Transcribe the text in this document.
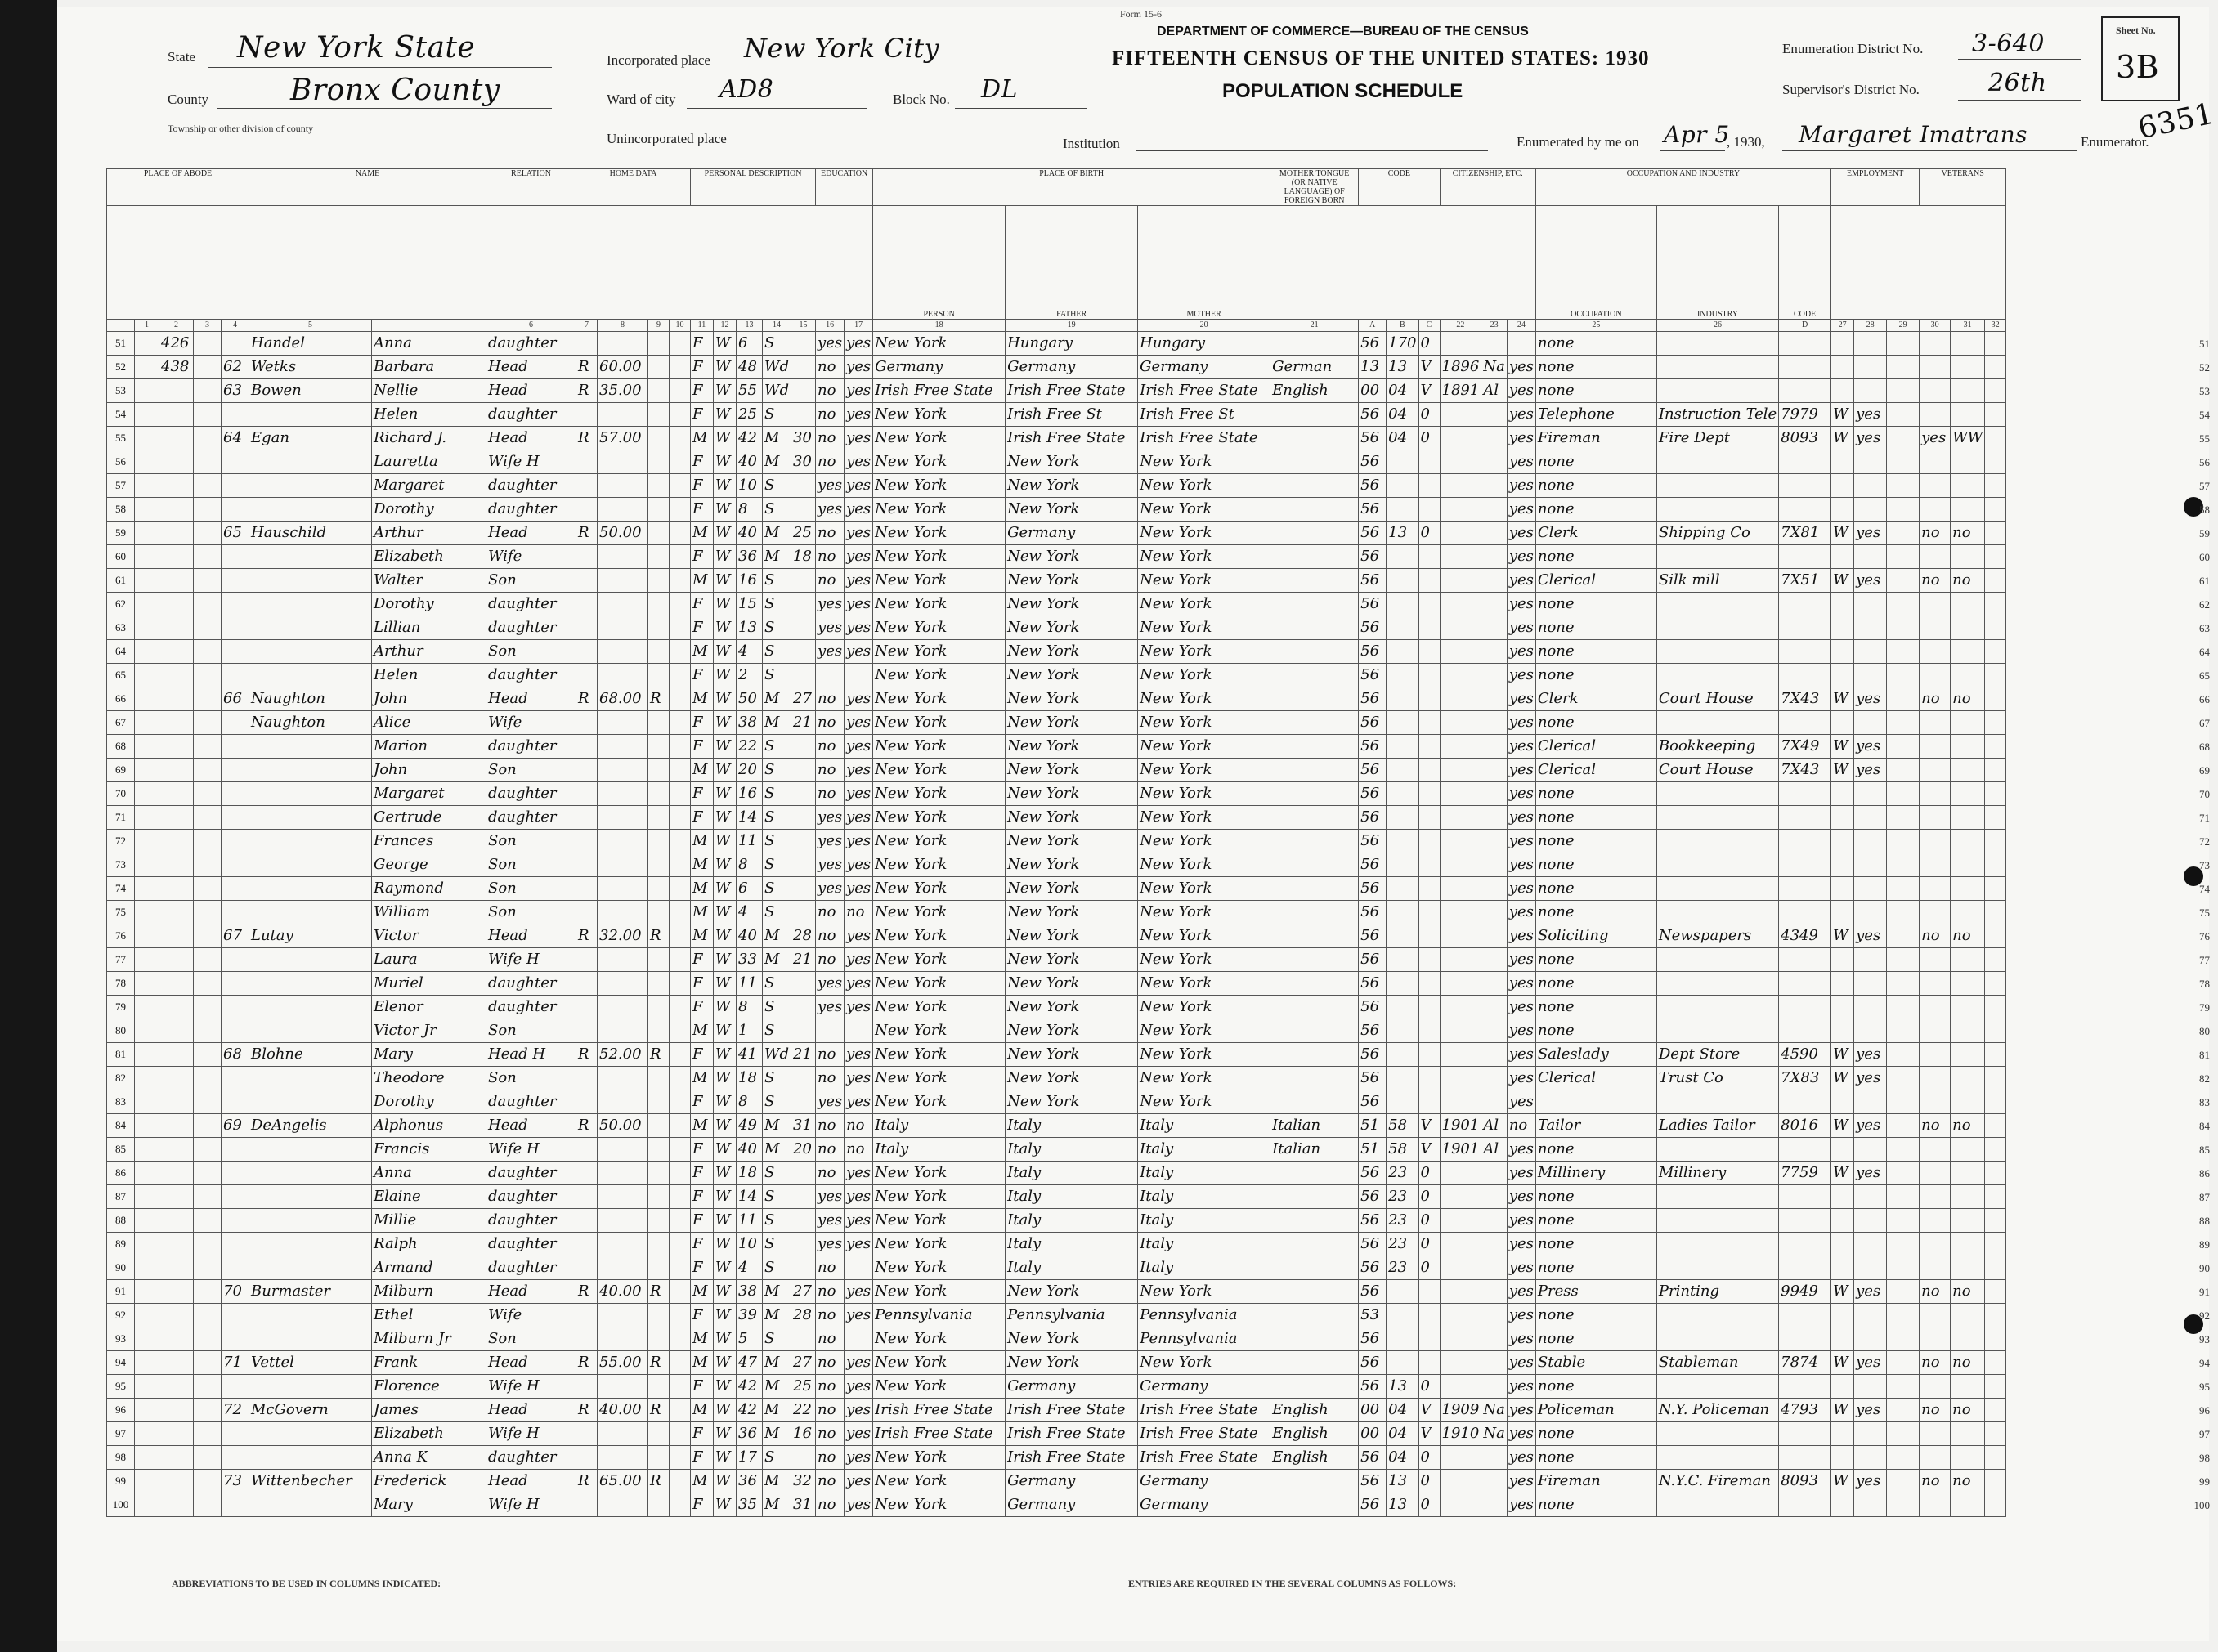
State New York State
County	Bronx County
Township or other division of county
Incorporated place New York City
Ward of city AD8	Block No. DL
Unincorporated place
Form 15-6
DEPARTMENT OF COMMERCE—BUREAU OF THE CENSUS
FIFTEENTH CENSUS OF THE UNITED STATES: 1930
POPULATION SCHEDULE
Institution
Enumeration District No. 3-640
Supervisor's District No.	26th
Sheet No.
3B
Enumerated by me on Apr 5
, 1930, Margaret Imatrans	Enumerator.
6351
PLACE OF ABODE					NAME		RELATION	HOME DATA				PERSONAL DESCRIPTION					EDUCATION		PLACE OF BIRTH			MOTHER TONGUE (OR NATIVE LANGUAGE) OF FOREIGN BORN	CODE			CITIZENSHIP, ETC.			OCCUPATION AND INDUSTRY			EMPLOYMENT			VETERANS		
																			PERSON	FATHER	MOTHER								OCCUPATION	INDUSTRY	CODE						
	1	2	3	4	5		6	7	8	9	10	11	12	13	14	15	16	17	18	19	20	21	A	B	C	22	23	24	25	26	D	27	28	29	30	31	32
51		426			Handel	Anna	daughter					F	W	6	S		yes	yes	New York	Hungary	Hungary		56	170	0				none								
52		438		62	Wetks	Barbara	Head	R	60.00			F	W	48	Wd		no	yes	Germany	Germany	Germany	German	13	13	V	1896	Na	yes	none								
53				63	Bowen	Nellie	Head	R	35.00			F	W	55	Wd		no	yes	Irish Free State	Irish Free State	Irish Free State	English	00	04	V	1891	Al	yes	none								
54						Helen	daughter					F	W	25	S		no	yes	New York	Irish Free St	Irish Free St		56	04	0			yes	Telephone	Instruction Tele	7979	W	yes				
55				64	Egan	Richard J.	Head	R	57.00			M	W	42	M	30	no	yes	New York	Irish Free State	Irish Free State		56	04	0			yes	Fireman	Fire Dept	8093	W	yes		yes	WW	
56						Lauretta	Wife H					F	W	40	M	30	no	yes	New York	New York	New York		56					yes	none								
57						Margaret	daughter					F	W	10	S		yes	yes	New York	New York	New York		56					yes	none								
58						Dorothy	daughter					F	W	8	S		yes	yes	New York	New York	New York		56					yes	none								
59				65	Hauschild	Arthur	Head	R	50.00			M	W	40	M	25	no	yes	New York	Germany	New York		56	13	0			yes	Clerk	Shipping Co	7X81	W	yes		no	no	
60						Elizabeth	Wife					F	W	36	M	18	no	yes	New York	New York	New York		56					yes	none								
61						Walter	Son					M	W	16	S		no	yes	New York	New York	New York		56					yes	Clerical	Silk mill	7X51	W	yes		no	no	
62						Dorothy	daughter					F	W	15	S		yes	yes	New York	New York	New York		56					yes	none								
63						Lillian	daughter					F	W	13	S		yes	yes	New York	New York	New York		56					yes	none								
64						Arthur	Son					M	W	4	S		yes	yes	New York	New York	New York		56					yes	none								
65						Helen	daughter					F	W	2	S				New York	New York	New York		56					yes	none								
66				66	Naughton	John	Head	R	68.00	R		M	W	50	M	27	no	yes	New York	New York	New York		56					yes	Clerk	Court House	7X43	W	yes		no	no	
67					Naughton	Alice	Wife					F	W	38	M	21	no	yes	New York	New York	New York		56					yes	none								
68						Marion	daughter					F	W	22	S		no	yes	New York	New York	New York		56					yes	Clerical	Bookkeeping	7X49	W	yes				
69						John	Son					M	W	20	S		no	yes	New York	New York	New York		56					yes	Clerical	Court House	7X43	W	yes				
70						Margaret	daughter					F	W	16	S		no	yes	New York	New York	New York		56					yes	none								
71						Gertrude	daughter					F	W	14	S		yes	yes	New York	New York	New York		56					yes	none								
72						Frances	Son					M	W	11	S		yes	yes	New York	New York	New York		56					yes	none								
73						George	Son					M	W	8	S		yes	yes	New York	New York	New York		56					yes	none								
74						Raymond	Son					M	W	6	S		yes	yes	New York	New York	New York		56					yes	none								
75						William	Son					M	W	4	S		no	no	New York	New York	New York		56					yes	none								
76				67	Lutay	Victor	Head	R	32.00	R		M	W	40	M	28	no	yes	New York	New York	New York		56					yes	Soliciting	Newspapers	4349	W	yes		no	no	
77						Laura	Wife H					F	W	33	M	21	no	yes	New York	New York	New York		56					yes	none								
78						Muriel	daughter					F	W	11	S		yes	yes	New York	New York	New York		56					yes	none								
79						Elenor	daughter					F	W	8	S		yes	yes	New York	New York	New York		56					yes	none								
80						Victor Jr	Son					M	W	1	S				New York	New York	New York		56					yes	none								
81				68	Blohne	Mary	Head H	R	52.00	R		F	W	41	Wd	21	no	yes	New York	New York	New York		56					yes	Saleslady	Dept Store	4590	W	yes				
82						Theodore	Son					M	W	18	S		no	yes	New York	New York	New York		56					yes	Clerical	Trust Co	7X83	W	yes				
83						Dorothy	daughter					F	W	8	S		yes	yes	New York	New York	New York		56					yes									
84				69	DeAngelis	Alphonus	Head	R	50.00			M	W	49	M	31	no	no	Italy	Italy	Italy	Italian	51	58	V	1901	Al	no	Tailor	Ladies Tailor	8016	W	yes		no	no	
85						Francis	Wife H					F	W	40	M	20	no	no	Italy	Italy	Italy	Italian	51	58	V	1901	Al	yes	none								
86						Anna	daughter					F	W	18	S		no	yes	New York	Italy	Italy		56	23	0			yes	Millinery	Millinery	7759	W	yes				
87						Elaine	daughter					F	W	14	S		yes	yes	New York	Italy	Italy		56	23	0			yes	none								
88						Millie	daughter					F	W	11	S		yes	yes	New York	Italy	Italy		56	23	0			yes	none								
89						Ralph	daughter					F	W	10	S		yes	yes	New York	Italy	Italy		56	23	0			yes	none								
90						Armand	daughter					F	W	4	S		no		New York	Italy	Italy		56	23	0			yes	none								
91				70	Burmaster	Milburn	Head	R	40.00	R		M	W	38	M	27	no	yes	New York	New York	New York		56					yes	Press	Printing	9949	W	yes		no	no	
92						Ethel	Wife					F	W	39	M	28	no	yes	Pennsylvania	Pennsylvania	Pennsylvania		53					yes	none								
93						Milburn Jr	Son					M	W	5	S		no		New York	New York	Pennsylvania		56					yes	none								
94				71	Vettel	Frank	Head	R	55.00	R		M	W	47	M	27	no	yes	New York	New York	New York		56					yes	Stable	Stableman	7874	W	yes		no	no	
95						Florence	Wife H					F	W	42	M	25	no	yes	New York	Germany	Germany		56	13	0			yes	none								
96				72	McGovern	James	Head	R	40.00	R		M	W	42	M	22	no	yes	Irish Free State	Irish Free State	Irish Free State	English	00	04	V	1909	Na	yes	Policeman	N.Y. Policeman	4793	W	yes		no	no	
97						Elizabeth	Wife H					F	W	36	M	16	no	yes	Irish Free State	Irish Free State	Irish Free State	English	00	04	V	1910	Na	yes	none								
98						Anna K	daughter					F	W	17	S		no	yes	New York	Irish Free State	Irish Free State	English	56	04	0			yes	none								
99				73	Wittenbecher	Frederick	Head	R	65.00	R		M	W	36	M	32	no	yes	New York	Germany	Germany		56	13	0			yes	Fireman	N.Y.C. Fireman	8093	W	yes		no	no	
100						Mary	Wife H					F	W	35	M	31	no	yes	New York	Germany	Germany		56	13	0			yes	none								
ABBREVIATIONS TO BE USED IN COLUMNS INDICATED:	ENTRIES ARE REQUIRED IN THE SEVERAL COLUMNS AS FOLLOWS:
51
52
53
54
55
56
57
58
59
60
61
62
63
64
65
66
67
68
69
70
71
72
73
74
75
76
77
78
79
80
81
82
83
84
85
86
87
88
89
90
91
92
93
94
95
96
97
98
99
100
